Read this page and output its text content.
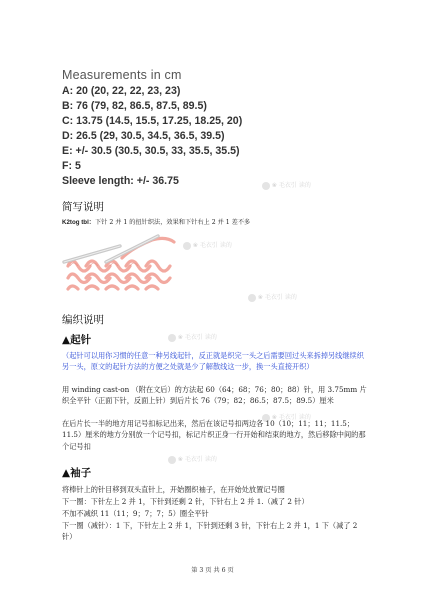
❀ 毛衣引 读的
❀ 毛衣引 读的
❀ 毛衣引 读的
❀ 毛衣引 读的
❀ 毛衣引 读的
❀ 毛衣引 读的
Measurements in cm
A: 20 (20, 22, 22, 23, 23)
B: 76 (79, 82, 86.5, 87.5, 89.5)
C: 13.75 (14.5, 15.5, 17.25, 18.25, 20)
D: 26.5 (29, 30.5, 34.5, 36.5, 39.5)
E: +/- 30.5 (30.5, 30.5, 33, 35.5, 35.5)
F: 5
Sleeve length: +/- 36.75
简写说明
K2tog tbl：下针 2 并 1 的扭针织法，效果和下针右上 2 并 1 差不多
编织说明
▲起针
（起针可以用你习惯的任意一种另线起针，反正就是织完一头之后需要回过头来拆掉另线继续织另一头，原文的起针方法的方便之处就是少了解散线这一步，换一头直接开织）
用 winding cast-on （附在文后）的方法起 60（64；68；76；80；88）针，用 3.75mm 片织全平针（正面下针，反面上针）到后片长 76（79；82；86.5；87.5；89.5）厘米
在后片长一半的地方用记号扣标记出来，然后在该记号扣两边各 10（10；11；11；11.5；11.5）厘米的地方分别放一个记号扣，标记片织正身一行开始和结束的地方，然后移除中间的那个记号扣
▲袖子
将棒针上的针目移到双头直针上，开始圈织袖子，在开始处放置记号圈
下一圈：下针左上 2 并 1，下针到还剩 2 针，下针右上 2 并 1.（减了 2 针）
不加不减织 11（11；9；7；7；5）圈全平针
下一圈（减针）：1 下，下针左上 2 并 1，下针到还剩 3 针，下针右上 2 并 1，1 下（减了 2 针）
第 3 页 共 6 页
